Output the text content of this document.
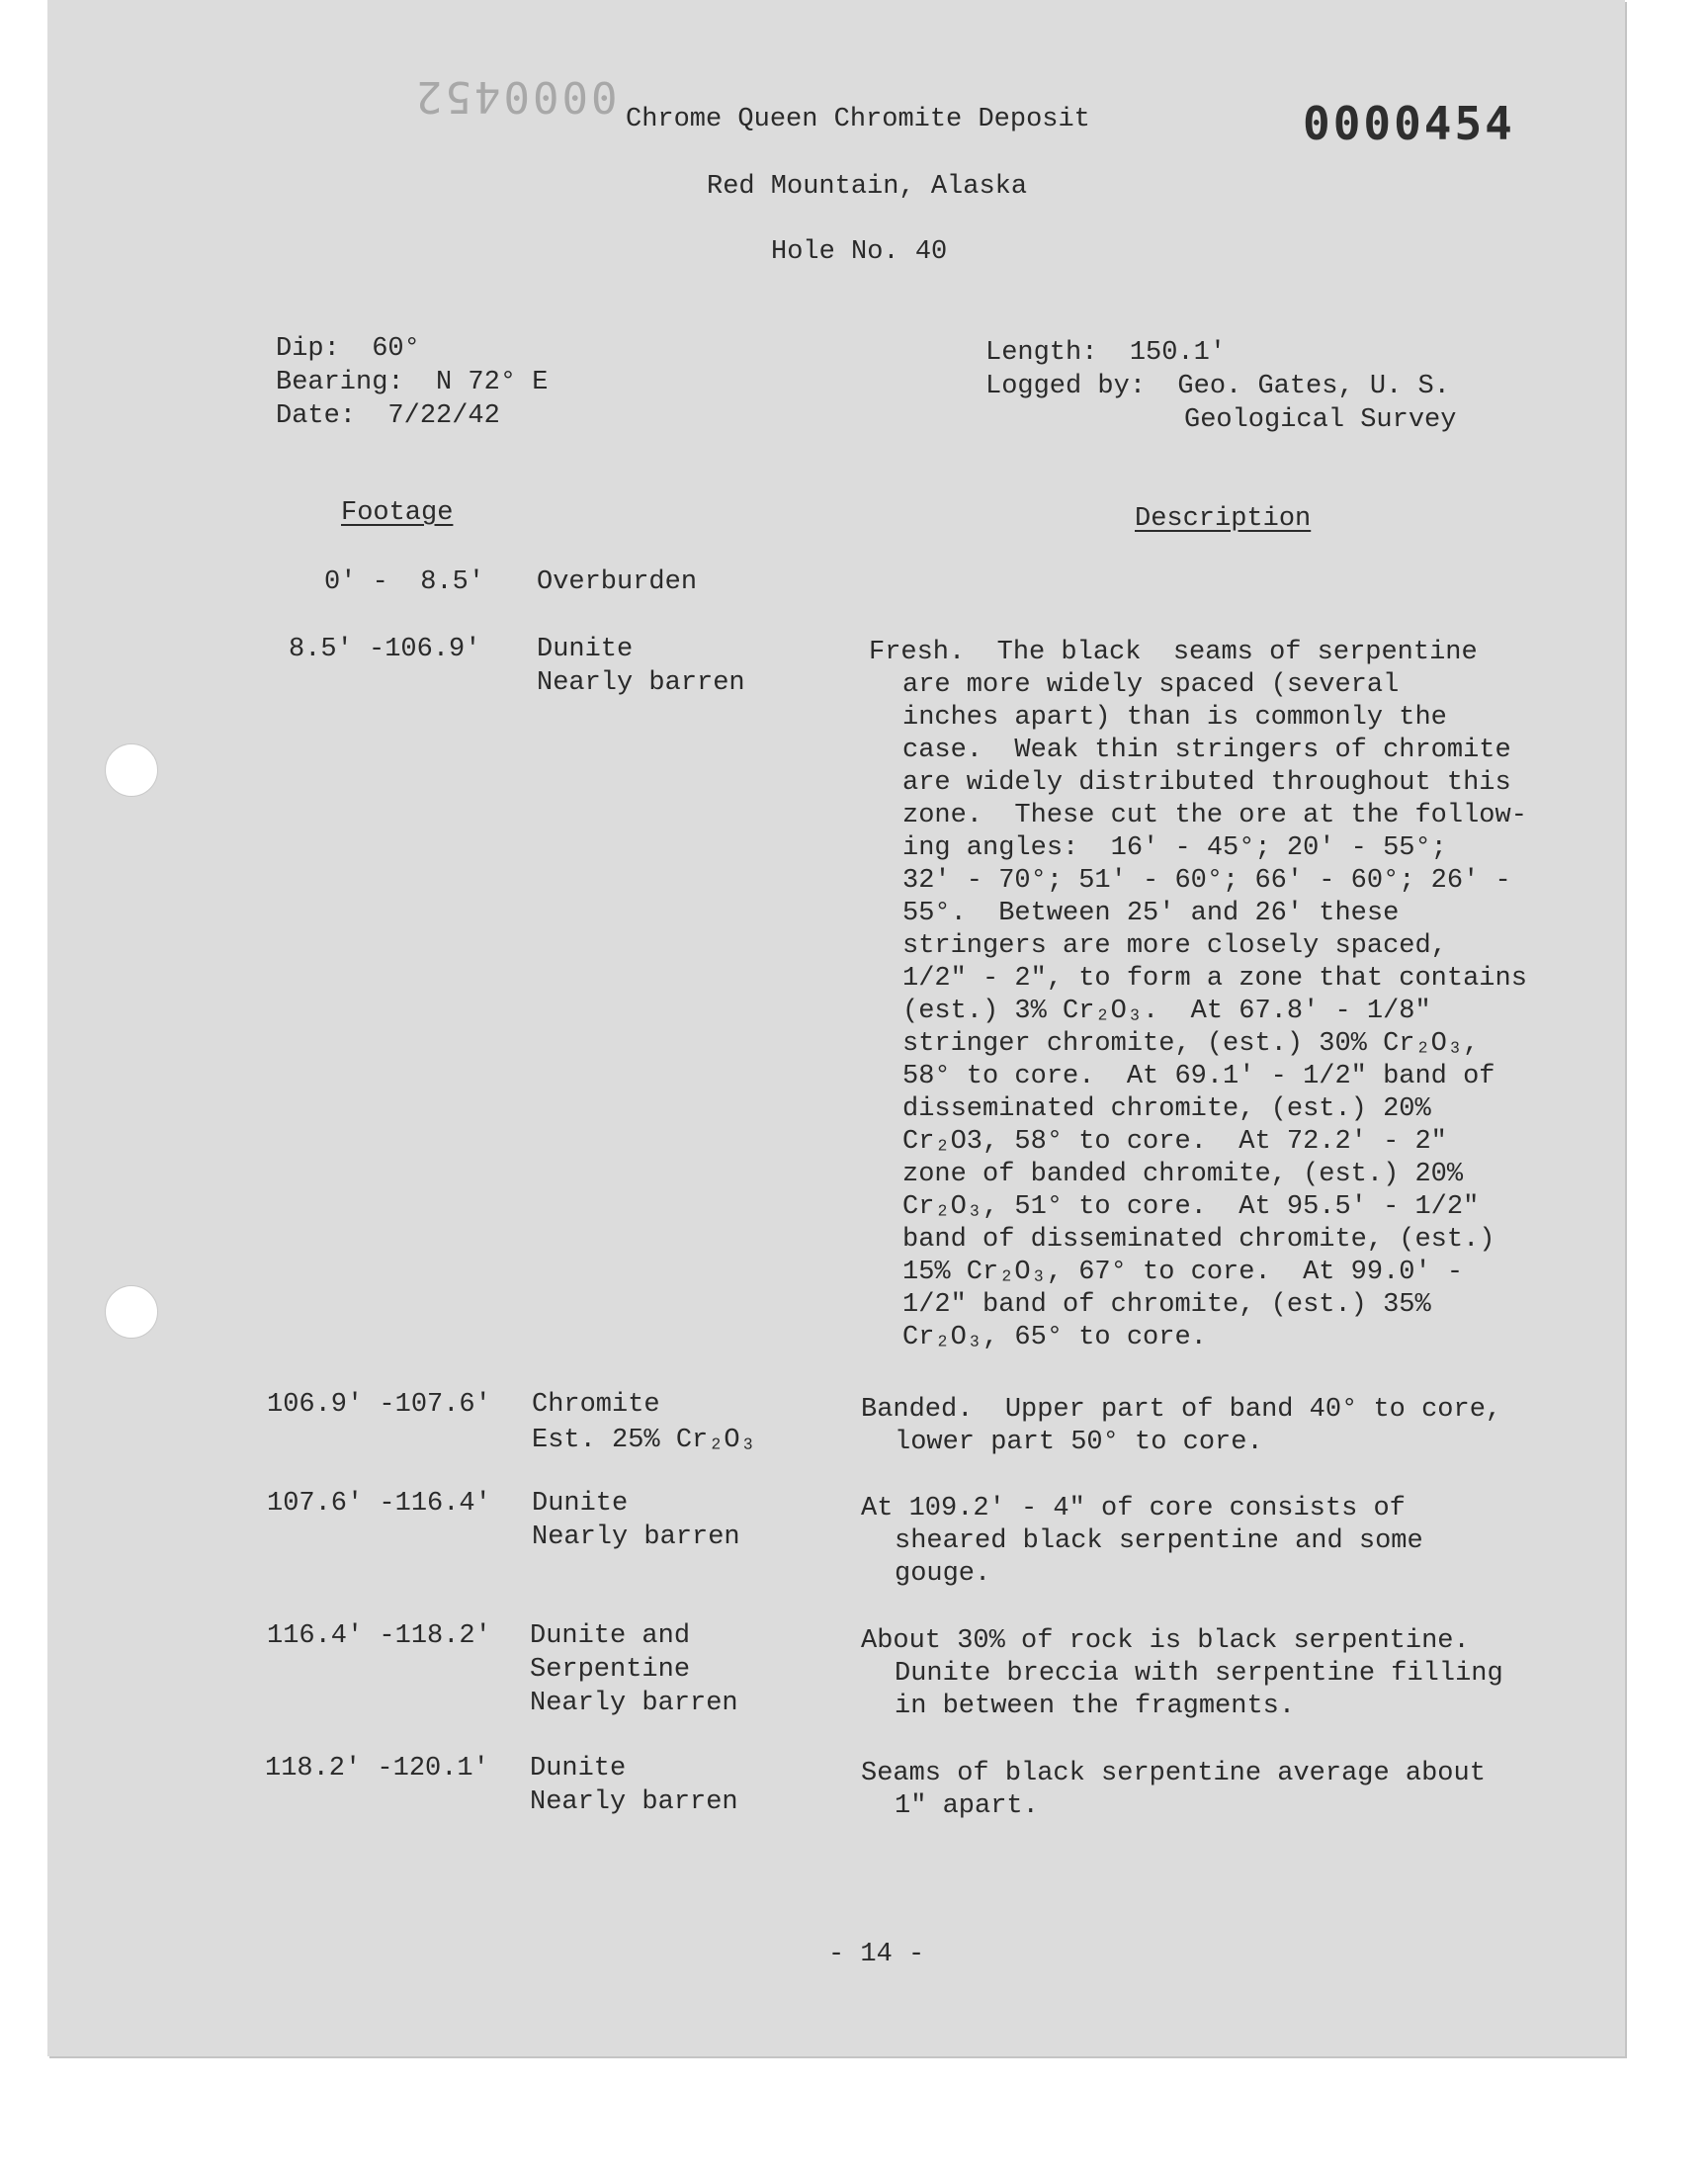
0000452 Chrome Queen Chromite Deposit	0000454
Red Mountain, Alaska
Hole No. 40
Dip:  60°
Bearing:  N 72° E
Date:  7/22/42
Length:  150.1'
Logged by:  Geo. Gates, U. S.
Geological Survey
Footage	Description
0' -  8.5' Overburden
8.5' -106.9' Dunite
Nearly barren
Fresh.  The black  seams of serpentine
are more widely spaced (several
inches apart) than is commonly the
case.  Weak thin stringers of chromite
are widely distributed throughout this
zone.  These cut the ore at the follow-
ing angles:  16' - 45°; 20' - 55°;
32' - 70°; 51' - 60°; 66' - 60°; 26' -
55°.  Between 25' and 26' these
stringers are more closely spaced,
1/2" - 2", to form a zone that contains
(est.) 3% Cr₂O₃.  At 67.8' - 1/8"
stringer chromite, (est.) 30% Cr₂O₃,
58° to core.  At 69.1' - 1/2" band of
disseminated chromite, (est.) 20%
Cr₂O3, 58° to core.  At 72.2' - 2"
zone of banded chromite, (est.) 20%
Cr₂O₃, 51° to core.  At 95.5' - 1/2"
band of disseminated chromite, (est.)
15% Cr₂O₃, 67° to core.  At 99.0' -
1/2" band of chromite, (est.) 35%
Cr₂O₃, 65° to core.
106.9' -107.6' Chromite
Est. 25% Cr₂O₃
Banded.  Upper part of band 40° to core,
lower part 50° to core.
107.6' -116.4' Dunite
Nearly barren
At 109.2' - 4" of core consists of
sheared black serpentine and some
gouge.
116.4' -118.2' Dunite and
Serpentine
Nearly barren
About 30% of rock is black serpentine.
Dunite breccia with serpentine filling
in between the fragments.
118.2' -120.1' Dunite
Nearly barren
Seams of black serpentine average about
1" apart.
- 14 -
